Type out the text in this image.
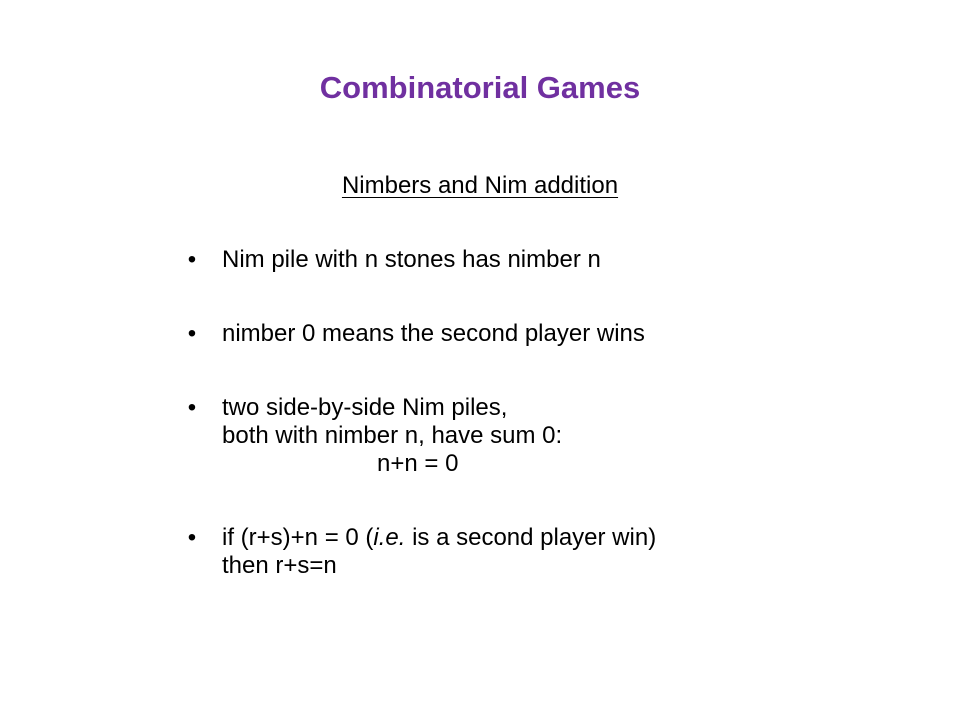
Combinatorial Games
Nimbers and Nim addition
• Nim pile with n stones has nimber n
• nimber 0 means the second player wins
• two side-by-side Nim piles,
both with nimber n, have sum 0:
n+n = 0
• if (r+s)+n = 0 (i.e. is a second player win)
then r+s=n
